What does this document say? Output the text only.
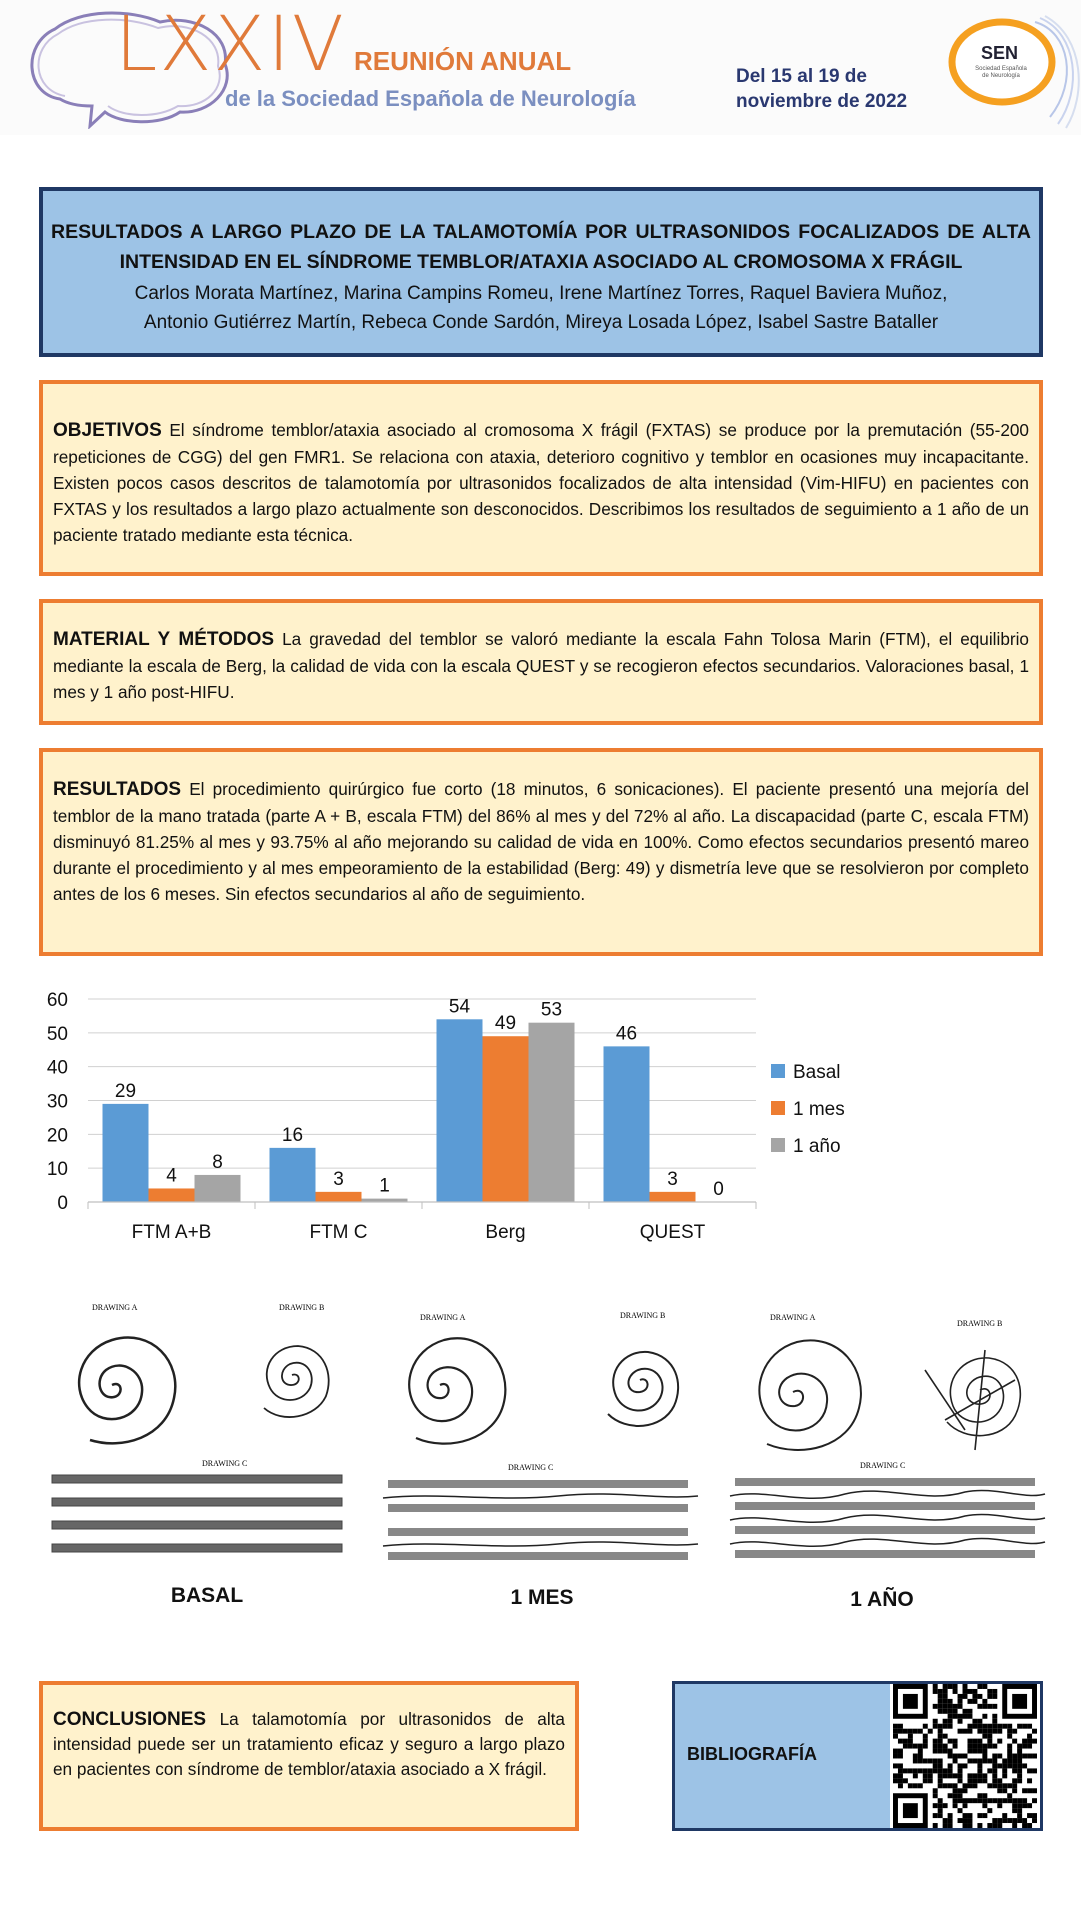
LXXIV REUNIÓN ANUAL
de la Sociedad Española de Neurología
Del 15 al 19 de
noviembre de 2022
SEN
Sociedad Española de Neurología
RESULTADOS A LARGO PLAZO DE LA TALAMOTOMÍA POR ULTRASONIDOS FOCALIZADOS DE ALTA INTENSIDAD EN EL SÍNDROME TEMBLOR/ATAXIA ASOCIADO AL CROMOSOMA X FRÁGIL
Carlos Morata Martínez, Marina Campins Romeu, Irene Martínez Torres, Raquel Baviera Muñoz,
Antonio Gutiérrez Martín, Rebeca Conde Sardón, Mireya Losada López, Isabel Sastre Bataller
OBJETIVOS El síndrome temblor/ataxia asociado al cromosoma X frágil (FXTAS) se produce por la premutación (55-200 repeticiones de CGG) del gen FMR1. Se relaciona con ataxia, deterioro cognitivo y temblor en ocasiones muy incapacitante. Existen pocos casos descritos de talamotomía por ultrasonidos focalizados de alta intensidad (Vim-HIFU) en pacientes con FXTAS y los resultados a largo plazo actualmente son desconocidos. Describimos los resultados de seguimiento a 1 año de un paciente tratado mediante esta técnica.
MATERIAL Y MÉTODOS La gravedad del temblor se valoró mediante la escala Fahn Tolosa Marin (FTM), el equilibrio mediante la escala de Berg, la calidad de vida con la escala QUEST y se recogieron efectos secundarios. Valoraciones basal, 1 mes y 1 año post-HIFU.
RESULTADOS El procedimiento quirúrgico fue corto (18 minutos, 6 sonicaciones). El paciente presentó una mejoría del temblor de la mano tratada (parte A + B, escala FTM) del 86% al mes y del 72% al año. La discapacidad (parte C, escala FTM) disminuyó 81.25% al mes y 93.75% al año mejorando su calidad de vida en 100%. Como efectos secundarios presentó mareo durante el procedimiento y al mes empeoramiento de la estabilidad (Berg: 49) y dismetría leve que se resolvieron por completo antes de los 6 meses. Sin efectos secundarios al año de seguimiento.
0
10
20
30
40
50
60
29
4
8
FTM A+B
16
3 1
FTM C
54
49
53
Berg
46
3 0
QUEST
Basal
1 mes
1 año
DRAWING A	DRAWING B
DRAWING C
DRAWING A	DRAWING B
DRAWING C
DRAWING A
DRAWING B
DRAWING C
BASAL	1 MES	1 AÑO
CONCLUSIONES La talamotomía por ultrasonidos de alta intensidad puede ser un tratamiento eficaz y seguro a largo plazo en pacientes con síndrome de temblor/ataxia asociado a X frágil.
BIBLIOGRAFÍA
